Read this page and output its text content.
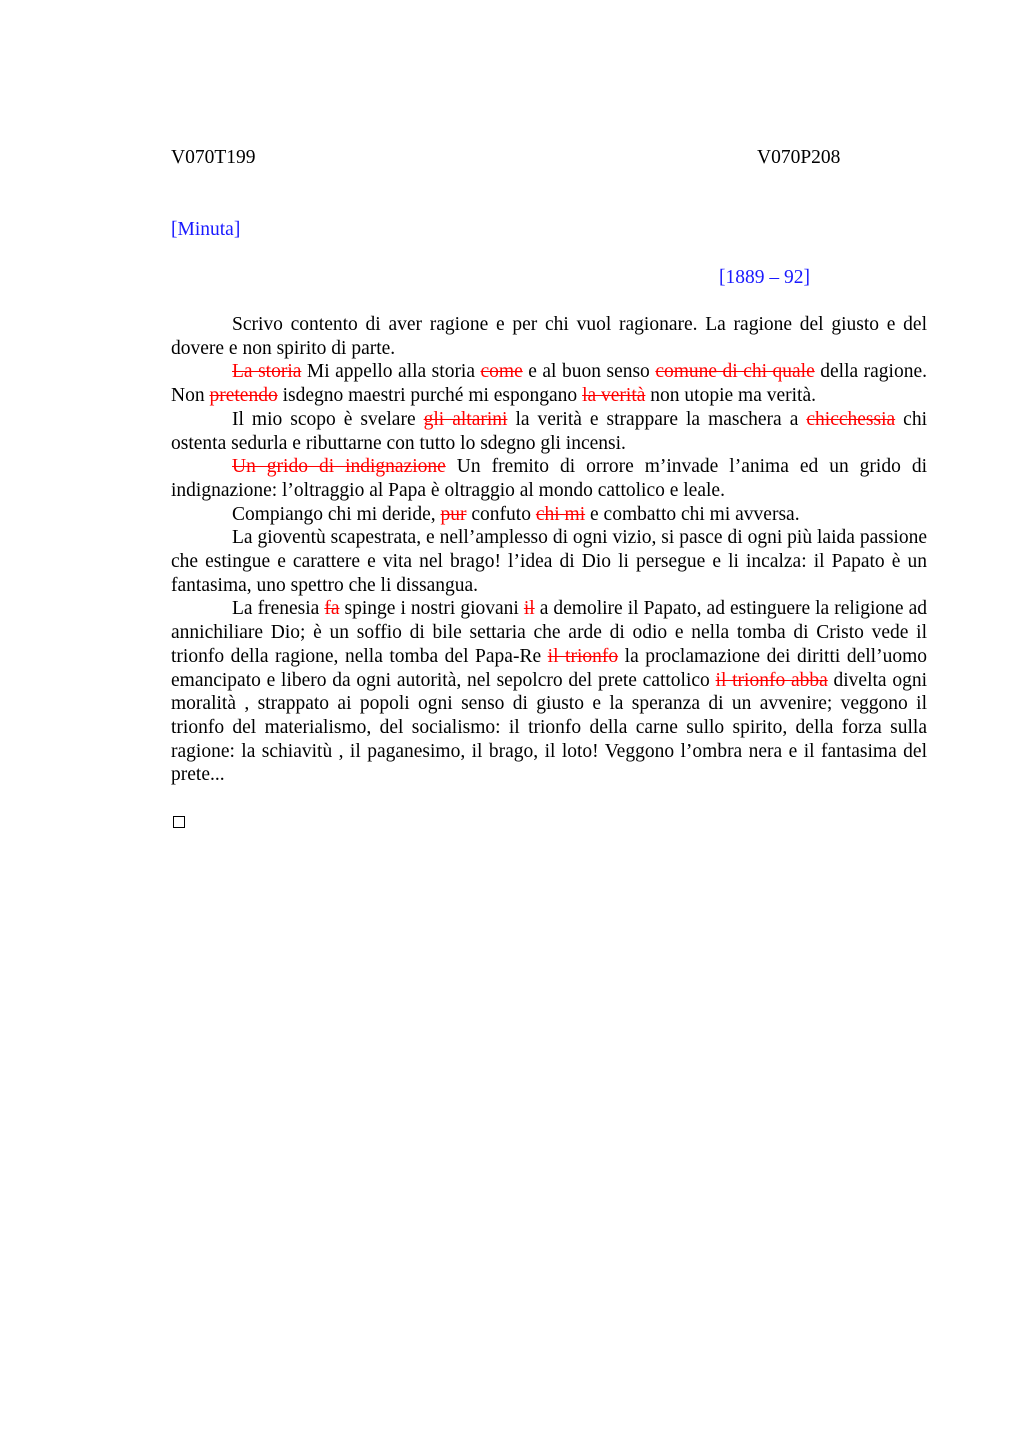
V070T199	V070P208
[Minuta]
[1889 – 92]

Scrivo contento di aver ragione e per chi vuol ragionare. La ragione del giusto e del dovere e non spirito di parte.

La storia Mi appello alla storia come e al buon senso comune di chi quale della ragione. Non pretendo isdegno maestri purché mi espongano la verità non utopie ma verità.

Il mio scopo è svelare gli altarini la verità e strappare la maschera a chicchessia chi ostenta sedurla e ributtarne con tutto lo sdegno gli incensi.

Un grido di indignazione Un fremito di orrore m’invade l’anima ed un grido di indignazione: l’oltraggio al Papa è oltraggio al mondo cattolico e leale.

Compiango chi mi deride, pur confuto chi mi e combatto chi mi avversa.

La gioventù scapestrata, e nell’amplesso di ogni vizio, si pasce di ogni più laida passione che estingue e carattere e vita nel brago! l’idea di Dio li persegue e li incalza: il Papato è un fantasima, uno spettro che li dissangua.

La frenesia fa spinge i nostri giovani il a demolire il Papato, ad estinguere la religione ad annichiliare Dio; è un soffio di bile settaria che arde di odio e nella tomba di Cristo vede il trionfo della ragione, nella tomba del Papa-Re il trionfo la proclamazione dei diritti dell’uomo emancipato e libero da ogni autorità, nel sepolcro del prete cattolico il trionfo abba divelta ogni moralità , strappato ai popoli ogni senso di giusto e la speranza di un avvenire; veggono il trionfo del materialismo, del socialismo: il trionfo della carne sullo spirito, della forza sulla ragione: la schiavitù , il paganesimo, il brago, il loto! Veggono l’ombra nera e il fantasima del prete...
